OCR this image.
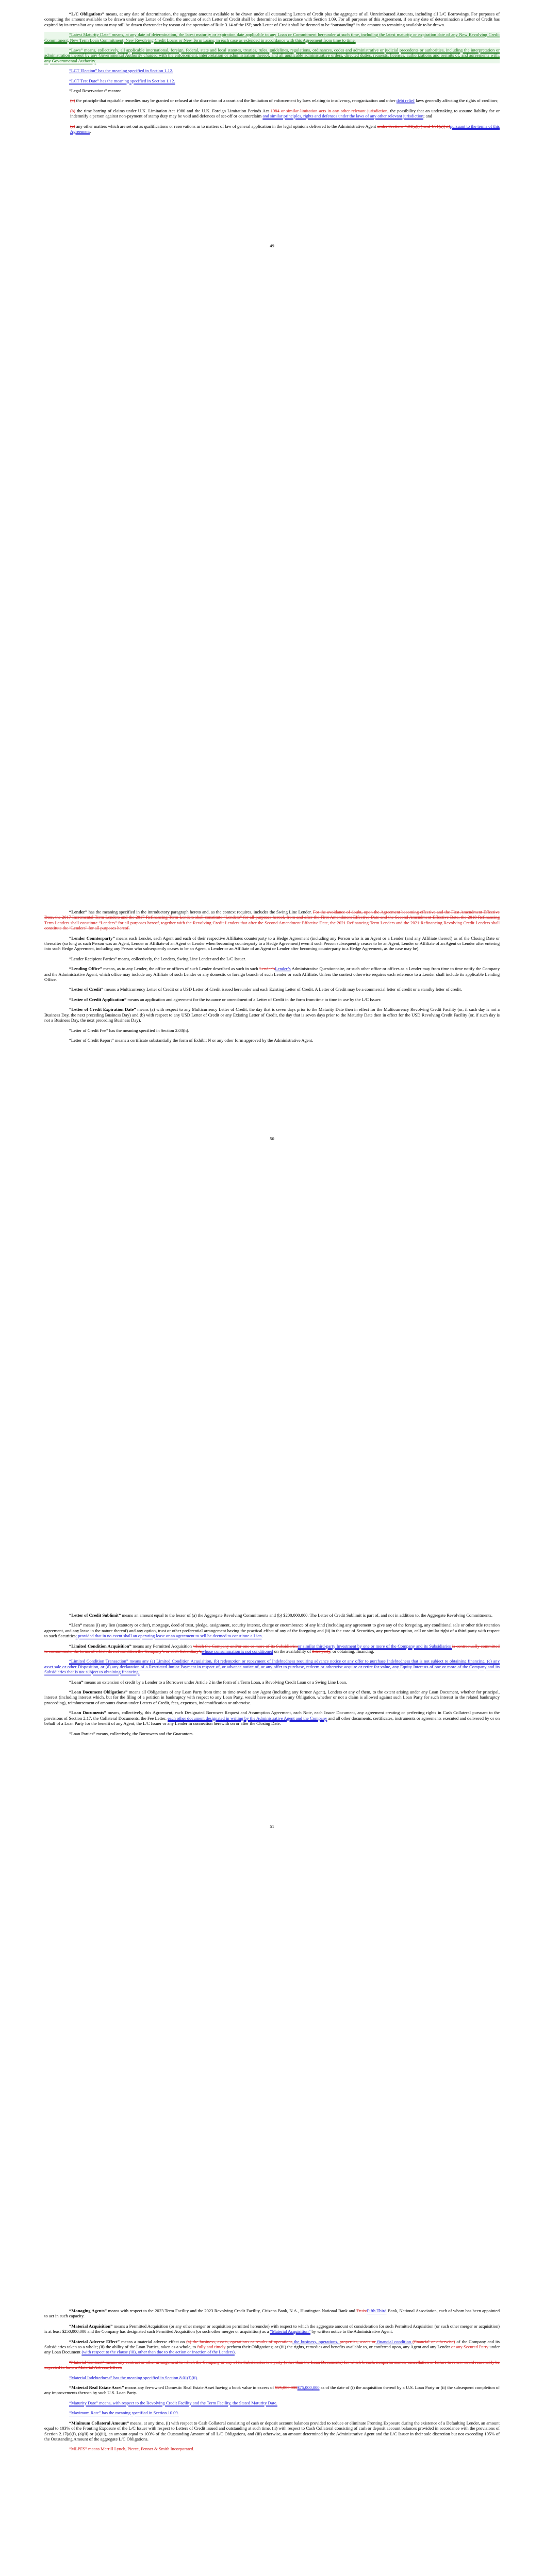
“L/C Obligations” means, at any date of determination, the aggregate amount available to be drawn under all outstanding Letters of Credit plus the aggregate of all Unreimbursed Amounts, including all L/C Borrowings. For purposes of computing the amount available to be drawn under any Letter of Credit, the amount of such Letter of Credit shall be determined in accordance with Section 1.09. For all purposes of this Agreement, if on any date of determination a Letter of Credit has expired by its terms but any amount may still be drawn thereunder by reason of the operation of Rule 3.14 of the ISP, such Letter of Credit shall be deemed to be “outstanding” in the amount so remaining available to be drawn.

“Latest Maturity Date” means, at any date of determination, the latest maturity or expiration date applicable to any Loan or Commitment hereunder at such time, including the latest maturity or expiration date of any New Revolving Credit Commitment, New Term Loan Commitment, New Revolving Credit Loans or New Term Loans, in each case as extended in accordance with this Agreement from time to time.

“Laws” means, collectively, all applicable international, foreign, federal, state and local statutes, treaties, rules, guidelines, regulations, ordinances, codes and administrative or judicial precedents or authorities, including the interpretation or administration thereof by any Governmental Authority charged with the enforcement, interpretation or administration thereof, and all applicable administrative orders, directed duties, requests, licenses, authorizations and permits of, and agreements with, any Governmental Authority.

“LCT Election” has the meaning specified in Section 1.12.

“LCT Test Date” has the meaning specified in Section 1.12.

“Legal Reservations” means:

(a) the principle that equitable remedies may be granted or refused at the discretion of a court and the limitation of enforcement by laws relating to insolvency, reorganization and other debt relief laws generally affecting the rights of creditors;

(b) the time barring of claims under U.K. Limitation Act 1980 and the U.K. Foreign Limitation Periods Act 1984 or similar limitation acts in any other relevant jurisdiction, the possibility that an undertaking to assume liability for or indemnify a person against non-payment of stamp duty may be void and defences of set-off or counterclaim and similar principles, rights and defenses under the laws of any other relevant jurisdiction; and

(c) any other matters which are set out as qualifications or reservations as to matters of law of general application in the legal opinions delivered to the Administrative Agent under Sections 4.01(a)(v) and 4.01(a)(vi)pursuant to the terms of this Agreement.

49

“Lender” has the meaning specified in the introductory paragraph hereto and, as the context requires, includes the Swing Line Lender. For the avoidance of doubt, upon the Agreement becoming effective and the First Amendment Effective Date, the 2017 Incremental Term Lenders and the 2017 Refinancing Term Lenders shall constitute “Lenders” for all purposes hereof, from and after the First Amendment Effective Date and the Second Amendment Effective Date, the 2018 Refinancing Term Lenders shall constitute “Lenders” for all purposes hereof, together with the Revolving Credit Lenders that after the Second Amendment Effective Date, the 2021 Refinancing Term Lenders and the 2021 Refinancing Revolving Credit Lenders shall constitute the “Lenders” for all purposes hereof.

“Lender Counterparty” means each Lender, each Agent and each of their respective Affiliates counterparty to a Hedge Agreement (including any Person who is an Agent or a Lender (and any Affiliate thereof) as of the Closing Date or thereafter (so long as such Person was an Agent, Lender or Affiliate of an Agent or Lender when becoming counterparty to a Hedge Agreement) even if such Person subsequently ceases to be an Agent, Lender or Affiliate of an Agent or Lender after entering into such Hedge Agreement, including any Person who subsequently ceases to be an Agent, a Lender or an Affiliate of an Agent or Lender after becoming counterparty to a Hedge Agreement, as the case may be).

“Lender Recipient Parties” means, collectively, the Lenders, Swing Line Lender and the L/C Issuer.

“Lending Office” means, as to any Lender, the office or offices of such Lender described as such in such Lender’sLender’s Administrative Questionnaire, or such other office or offices as a Lender may from time to time notify the Company and the Administrative Agent, which office may include any Affiliate of such Lender or any domestic or foreign branch of such Lender or such Affiliate. Unless the context otherwise requires each reference to a Lender shall include its applicable Lending Office.

“Letter of Credit” means a Multicurrency Letter of Credit or a USD Letter of Credit issued hereunder and each Existing Letter of Credit. A Letter of Credit may be a commercial letter of credit or a standby letter of credit.

“Letter of Credit Application” means an application and agreement for the issuance or amendment of a Letter of Credit in the form from time to time in use by the L/C Issuer.

“Letter of Credit Expiration Date” means (a) with respect to any Multicurrency Letter of Credit, the day that is seven days prior to the Maturity Date then in effect for the Multicurrency Revolving Credit Facility (or, if such day is not a Business Day, the next preceding Business Day) and (b) with respect to any USD Letter of Credit or any Existing Letter of Credit, the day that is seven days prior to the Maturity Date then in effect for the USD Revolving Credit Facility (or, if such day is not a Business Day, the next preceding Business Day).

“Letter of Credit Fee” has the meaning specified in Section 2.03(h).

“Letter of Credit Report” means a certificate substantially the form of Exhibit N or any other form approved by the Administrative Agent.

50

“Letter of Credit Sublimit” means an amount equal to the lesser of (a) the Aggregate Revolving Commitments and (b) $200,000,000. The Letter of Credit Sublimit is part of, and not in addition to, the Aggregate Revolving Commitments.

“Lien” means (i) any lien (statutory or other), mortgage, deed of trust, pledge, assignment, security interest, charge or encumbrance of any kind (including any agreement to give any of the foregoing, any conditional sale or other title retention agreement, and any lease in the nature thereof) and any option, trust or other preferential arrangement having the practical effect of any of the foregoing and (ii) in the case of Securities, any purchase option, call or similar right of a third party with respect to such Securities; provided that in no event shall an operating lease or an agreement to sell be deemed to constitute a Lien.

“Limited Condition Acquisition” means any Permitted Acquisition which the Company and/or one or more of its Subsidiariesor similar third-party Investment by one or more of the Company and its Subsidiaries is contractually committed to consummate, the terms of which do not condition the Company’s or such Subsidiary’swhose consummation is not conditioned on the availability of third party, or obtaining, financing.

“Limited Condition Transaction” means any (a) Limited Condition Acquisition, (b) redemption or repayment of Indebtedness requiring advance notice or any offer to purchase Indebtedness that is not subject to obtaining financing, (c) any asset sale or other Disposition, or (d) any declaration of a Restricted Junior Payment in respect of, or advance notice of, or any offer to purchase, redeem or otherwise acquire or retire for value, any Equity Interests of one or more of the Company and its Subsidiaries that is not subject to obtaining financing.

“Loan” means an extension of credit by a Lender to a Borrower under Article 2 in the form of a Term Loan, a Revolving Credit Loan or a Swing Line Loan.

“Loan Document Obligations” means all Obligations of any Loan Party from time to time owed to any Agent (including any former Agent), Lenders or any of them, to the extent arising under any Loan Document, whether for principal, interest (including interest which, but for the filing of a petition in bankruptcy with respect to any Loan Party, would have accrued on any Obligation, whether or not a claim is allowed against such Loan Party for such interest in the related bankruptcy proceeding), reimbursement of amounts drawn under Letters of Credit, fees, expenses, indemnification or otherwise.

“Loan Documents” means, collectively, this Agreement, each Designated Borrower Request and Assumption Agreement, each Note, each Issuer Document, any agreement creating or perfecting rights in Cash Collateral pursuant to the provisions of Section 2.17, the Collateral Documents, the Fee Letter, each other document designated in writing by the Administrative Agent and the Company and all other documents, certificates, instruments or agreements executed and delivered by or on behalf of a Loan Party for the benefit of any Agent, the L/C Issuer or any Lender in connection herewith on or after the Closing Date.

“Loan Parties” means, collectively, the Borrowers and the Guarantors.

51

“Managing Agents” means with respect to the 2023 Term Facility and the 2023 Revolving Credit Facility, Citizens Bank, N.A., Huntington National Bank and TruistFifth Third Bank, National Association, each of whom has been appointed to act in such capacity.

“Material Acquisition” means a Permitted Acquisition (or any other merger or acquisition permitted hereunder) with respect to which the aggregate amount of consideration for such Permitted Acquisition (or such other merger or acquisition) is at least $250,000,000 and the Company has designated such Permitted Acquisition (or such other merger or acquisition) as a “Material Acquisition” by written notice to the Administrative Agent.

“Material Adverse Effect” means a material adverse effect on (a) the business, assets, operations or results of operations the business, operations, properties, assets or financial condition (financial or otherwise) of the Company and its Subsidiaries taken as a whole; (ii) the ability of the Loan Parties, taken as a whole, to fully and timely perform their Obligations; or (iii) the rights, remedies and benefits available to, or conferred upon, any Agent and any Lender or any Secured Party under any Loan Document (with respect to the clause (iii), other than due to the action or inaction of the Lenders).

“Material Contract” means any contract or other arrangement to which the Company or any of its Subsidiaries is a party (other than the Loan Documents) for which breach, nonperformance, cancellation or failure to renew could reasonably be expected to have a Material Adverse Effect.

“Material Indebtedness” has the meaning specified in Section 8.01(f)(ii).

“Material Real Estate Asset” means any fee-owned Domestic Real Estate Asset having a book value in excess of $25,000,000$75,000,000 as of the date of (i) the acquisition thereof by a U.S. Loan Party or (ii) the subsequent completion of any improvements thereon by such U.S. Loan Party.

“Maturity Date” means, with respect to the Revolving Credit Facility and the Term Facility, the Stated Maturity Date.

“Maximum Rate” has the meaning specified in Section 10.09.

“Minimum Collateral Amount” means, at any time, (i) with respect to Cash Collateral consisting of cash or deposit account balances provided to reduce or eliminate Fronting Exposure during the existence of a Defaulting Lender, an amount equal to 103% of the Fronting Exposure of the L/C Issuer with respect to Letters of Credit issued and outstanding at such time, (ii) with respect to Cash Collateral consisting of cash or deposit account balances provided in accordance with the provisions of Section 2.17(a)(i), (a)(ii) or (a)(iii), an amount equal to 103% of the Outstanding Amount of all L/C Obligations, and (iii) otherwise, an amount determined by the Administrative Agent and the L/C Issuer in their sole discretion but not exceeding 105% of the Outstanding Amount of the aggregate L/C Obligations.

“MLPFS” means Merrill Lynch, Pierce, Fenner & Smith Incorporated.
